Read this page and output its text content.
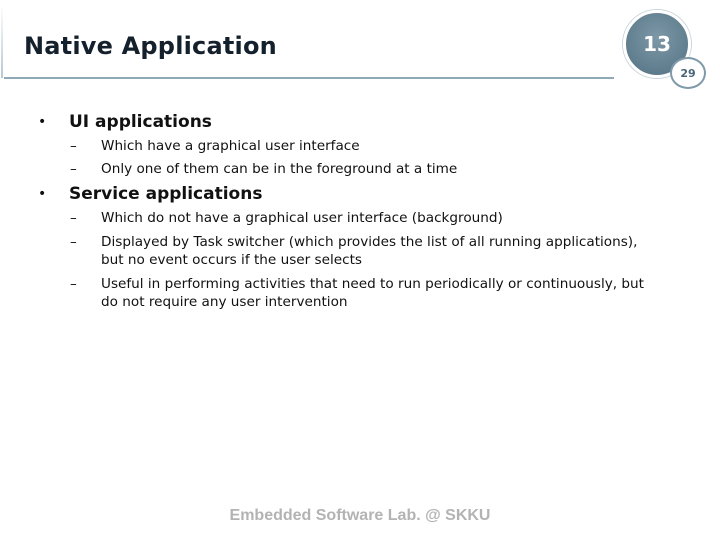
Native Application	13
29
• UI applications
– Which have a graphical user interface
– Only one of them can be in the foreground at a time
• Service applications
– Which do not have a graphical user interface (background)
– Displayed by Task switcher (which provides the list of all running applications),
but no event occurs if the user selects
– Useful in performing activities that need to run periodically or continuously, but
do not require any user intervention
Embedded Software Lab. @ SKKU
